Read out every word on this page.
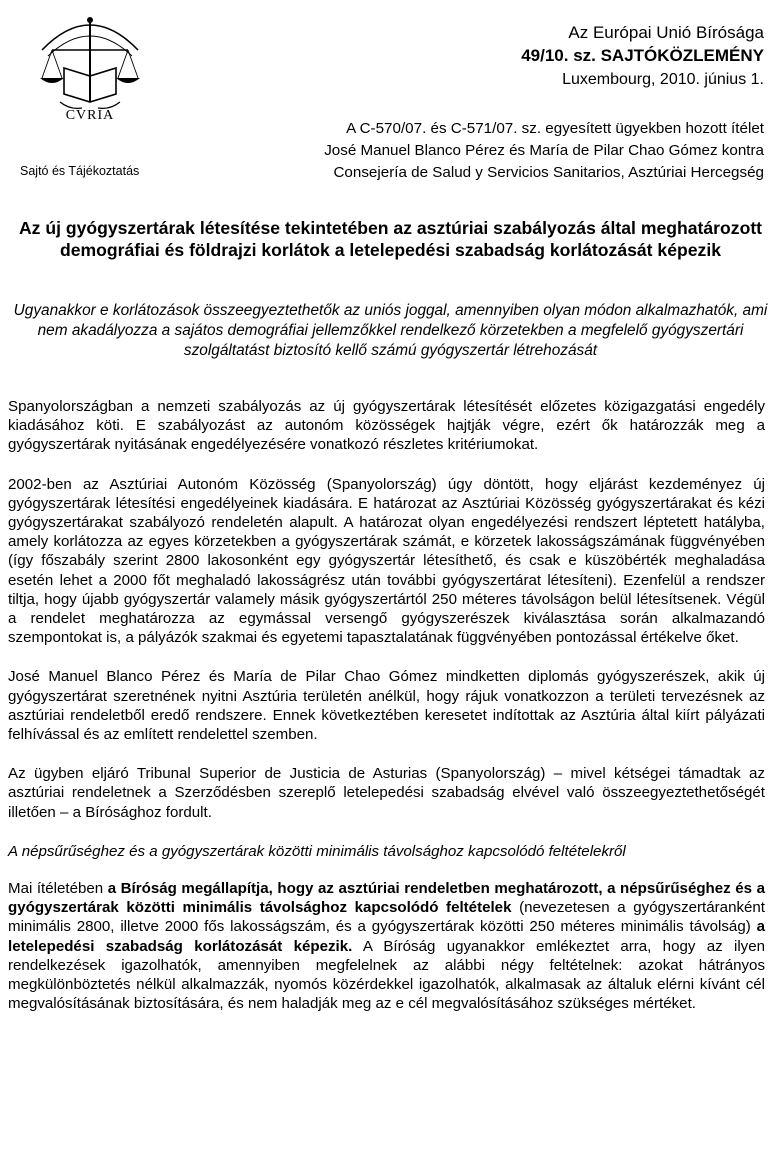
CVRIA
Sajtó és Tájékoztatás
Az Európai Unió Bírósága
49/10. sz. SAJTÓKÖZLEMÉNY
Luxembourg, 2010. június 1.
A C-570/07. és C-571/07. sz. egyesített ügyekben hozott ítélet
José Manuel Blanco Pérez és María de Pilar Chao Gómez kontra
Consejería de Salud y Servicios Sanitarios, Asztúriai Hercegség
Az új gyógyszertárak létesítése tekintetében az asztúriai szabályozás által meghatározott demográfiai és földrajzi korlátok a letelepedési szabadság korlátozását képezik
Ugyanakkor e korlátozások összeegyeztethetők az uniós joggal, amennyiben olyan módon alkalmazhatók, ami nem akadályozza a sajátos demográfiai jellemzőkkel rendelkező körzetekben a megfelelő gyógyszertári szolgáltatást biztosító kellő számú gyógyszertár létrehozását

Spanyolországban a nemzeti szabályozás az új gyógyszertárak létesítését előzetes közigazgatási engedély kiadásához köti. E szabályozást az autonóm közösségek hajtják végre, ezért ők határozzák meg a gyógyszertárak nyitásának engedélyezésére vonatkozó részletes kritériumokat.

2002-ben az Asztúriai Autonóm Közösség (Spanyolország) úgy döntött, hogy eljárást kezdeményez új gyógyszertárak létesítési engedélyeinek kiadására. E határozat az Asztúriai Közösség gyógyszertárakat és kézi gyógyszertárakat szabályozó rendeletén alapult. A határozat olyan engedélyezési rendszert léptetett hatályba, amely korlátozza az egyes körzetekben a gyógyszertárak számát, e körzetek lakosságszámának függvényében (így főszabály szerint 2800 lakosonként egy gyógyszertár létesíthető, és csak e küszöbérték meghaladása esetén lehet a 2000 főt meghaladó lakosságrész után további gyógyszertárat létesíteni). Ezenfelül a rendszer tiltja, hogy újabb gyógyszertár valamely másik gyógyszertártól 250 méteres távolságon belül létesítsenek. Végül a rendelet meghatározza az egymással versengő gyógyszerészek kiválasztása során alkalmazandó szempontokat is, a pályázók szakmai és egyetemi tapasztalatának függvényében pontozással értékelve őket.

José Manuel Blanco Pérez és María de Pilar Chao Gómez mindketten diplomás gyógyszerészek, akik új gyógyszertárat szeretnének nyitni Asztúria területén anélkül, hogy rájuk vonatkozzon a területi tervezésnek az asztúriai rendeletből eredő rendszere. Ennek következtében keresetet indítottak az Asztúria által kiírt pályázati felhívással és az említett rendelettel szemben.

Az ügyben eljáró Tribunal Superior de Justicia de Asturias (Spanyolország) – mivel kétségei támadtak az asztúriai rendeletnek a Szerződésben szereplő letelepedési szabadság elvével való összeegyeztethetőségét illetően – a Bírósághoz fordult.

A népsűrűséghez és a gyógyszertárak közötti minimális távolsághoz kapcsolódó feltételekről

Mai ítéletében a Bíróság megállapítja, hogy az asztúriai rendeletben meghatározott, a népsűrűséghez és a gyógyszertárak közötti minimális távolsághoz kapcsolódó feltételek (nevezetesen a gyógyszertáranként minimális 2800, illetve 2000 fős lakosságszám, és a gyógyszertárak közötti 250 méteres minimális távolság) a letelepedési szabadság korlátozását képezik. A Bíróság ugyanakkor emlékeztet arra, hogy az ilyen rendelkezések igazolhatók, amennyiben megfelelnek az alábbi négy feltételnek: azokat hátrányos megkülönböztetés nélkül alkalmazzák, nyomós közérdekkel igazolhatók, alkalmasak az általuk elérni kívánt cél megvalósításának biztosítására, és nem haladják meg az e cél megvalósításához szükséges mértéket.
